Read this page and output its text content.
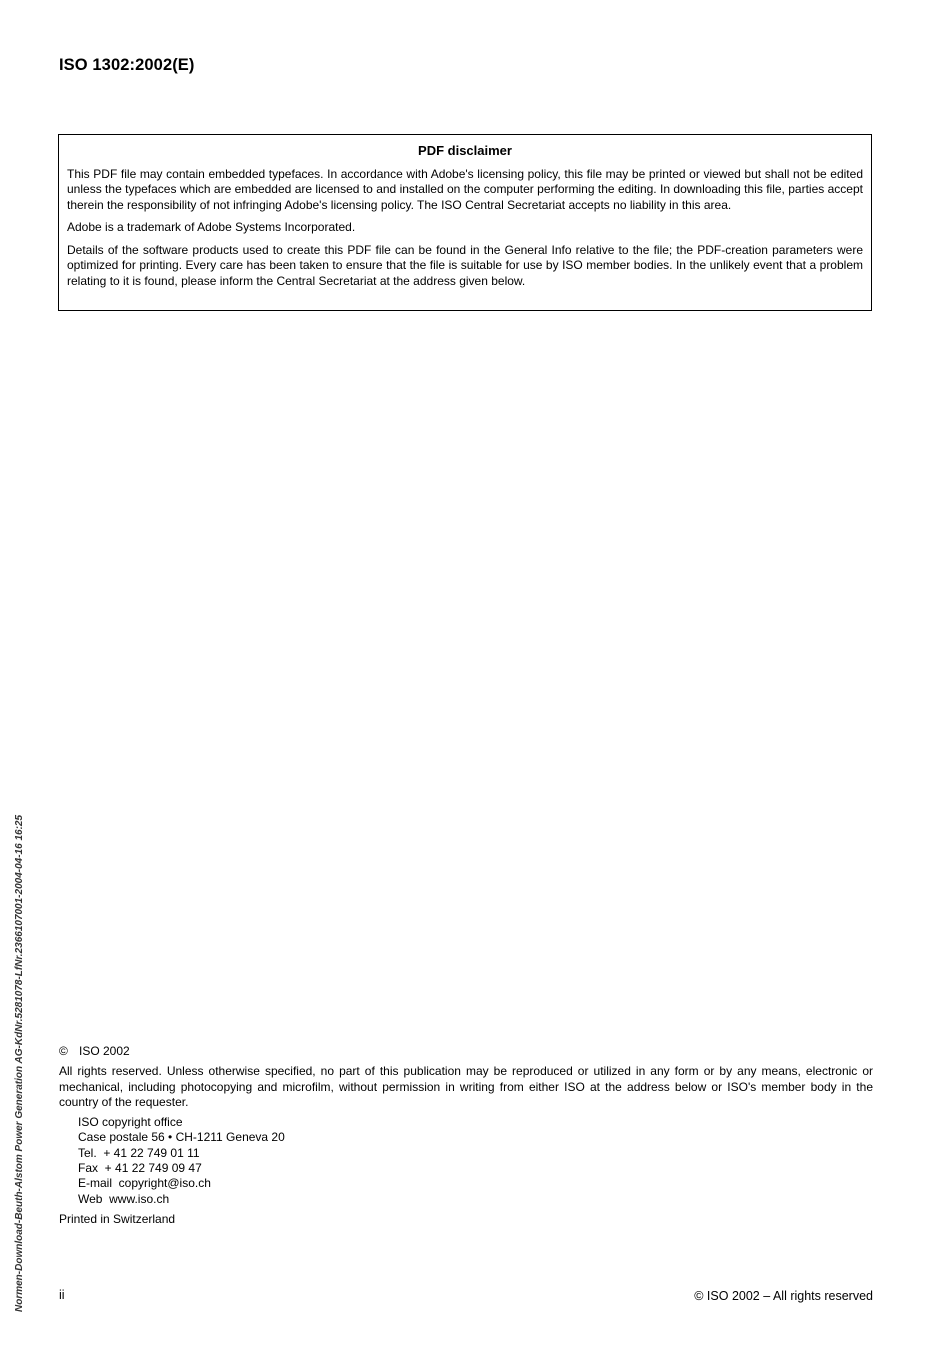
ISO 1302:2002(E)
PDF disclaimer

This PDF file may contain embedded typefaces. In accordance with Adobe's licensing policy, this file may be printed or viewed but shall not be edited unless the typefaces which are embedded are licensed to and installed on the computer performing the editing. In downloading this file, parties accept therein the responsibility of not infringing Adobe's licensing policy. The ISO Central Secretariat accepts no liability in this area.

Adobe is a trademark of Adobe Systems Incorporated.

Details of the software products used to create this PDF file can be found in the General Info relative to the file; the PDF-creation parameters were optimized for printing. Every care has been taken to ensure that the file is suitable for use by ISO member bodies. In the unlikely event that a problem relating to it is found, please inform the Central Secretariat at the address given below.

Normen-Download-Beuth-Alstom Power Generation AG-KdNr.5281078-LfNr.2366107001-2004-04-16 16:25	© ISO 2002
All rights reserved. Unless otherwise specified, no part of this publication may be reproduced or utilized in any form or by any means, electronic or mechanical, including photocopying and microfilm, without permission in writing from either ISO at the address below or ISO's member body in the country of the requester.
ISO copyright office
Case postale 56 • CH-1211 Geneva 20
Tel.  + 41 22 749 01 11
Fax  + 41 22 749 09 47
E-mail  copyright@iso.ch
Web  www.iso.ch
Printed in Switzerland
ii	© ISO 2002 – All rights reserved
